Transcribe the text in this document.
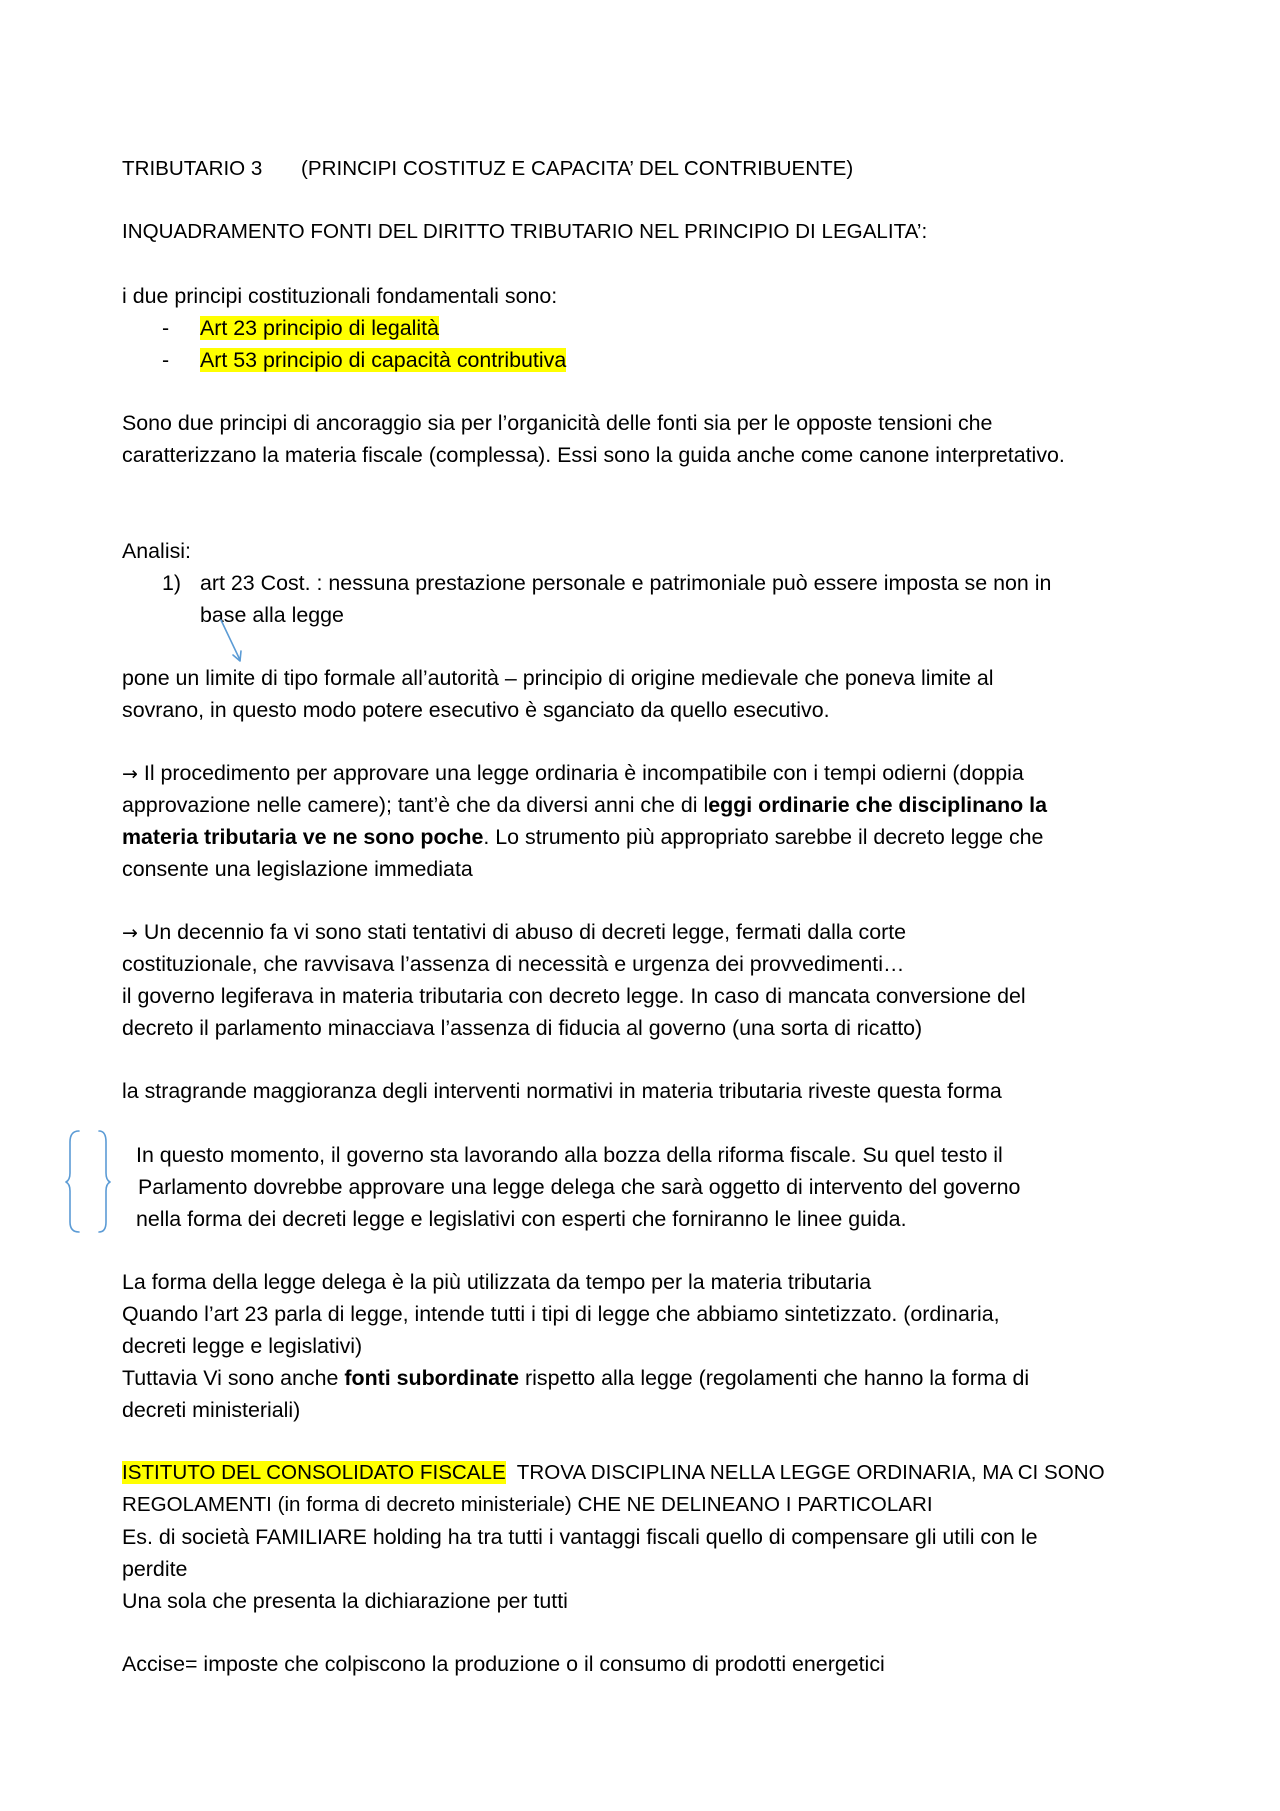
TRIBUTARIO 3 (PRINCIPI COSTITUZ E CAPACITA’ DEL CONTRIBUENTE)

INQUADRAMENTO FONTI DEL DIRITTO TRIBUTARIO NEL PRINCIPIO DI LEGALITA’:

i due principi costituzionali fondamentali sono:

- Art 23 principio di legalità

- Art 53 principio di capacità contributiva

Sono due principi di ancoraggio sia per l’organicità delle fonti sia per le opposte tensioni che

caratterizzano la materia fiscale (complessa). Essi sono la guida anche come canone interpretativo.

Analisi:

1) art 23 Cost. : nessuna prestazione personale e patrimoniale può essere imposta se non in

base alla legge

pone un limite di tipo formale all’autorità – principio di origine medievale che poneva limite al

sovrano, in questo modo potere esecutivo è sganciato da quello esecutivo.

→ Il procedimento per approvare una legge ordinaria è incompatibile con i tempi odierni (doppia

approvazione nelle camere); tant’è che da diversi anni che di leggi ordinarie che disciplinano la

materia tributaria ve ne sono poche. Lo strumento più appropriato sarebbe il decreto legge che

consente una legislazione immediata

→ Un decennio fa vi sono stati tentativi di abuso di decreti legge, fermati dalla corte

costituzionale, che ravvisava l’assenza di necessità e urgenza dei provvedimenti…

il governo legiferava in materia tributaria con decreto legge. In caso di mancata conversione del

decreto il parlamento minacciava l’assenza di fiducia al governo (una sorta di ricatto)

la stragrande maggioranza degli interventi normativi in materia tributaria riveste questa forma

In questo momento, il governo sta lavorando alla bozza della riforma fiscale. Su quel testo il

Parlamento dovrebbe approvare una legge delega che sarà oggetto di intervento del governo

nella forma dei decreti legge e legislativi con esperti che forniranno le linee guida.

La forma della legge delega è la più utilizzata da tempo per la materia tributaria

Quando l’art 23 parla di legge, intende tutti i tipi di legge che abbiamo sintetizzato. (ordinaria,

decreti legge e legislativi)

Tuttavia Vi sono anche fonti subordinate rispetto alla legge (regolamenti che hanno la forma di

decreti ministeriali)

ISTITUTO DEL CONSOLIDATO FISCALE  TROVA DISCIPLINA NELLA LEGGE ORDINARIA, MA CI SONO

REGOLAMENTI (in forma di decreto ministeriale) CHE NE DELINEANO I PARTICOLARI

Es. di società FAMILIARE holding ha tra tutti i vantaggi fiscali quello di compensare gli utili con le

perdite

Una sola che presenta la dichiarazione per tutti

Accise= imposte che colpiscono la produzione o il consumo di prodotti energetici
